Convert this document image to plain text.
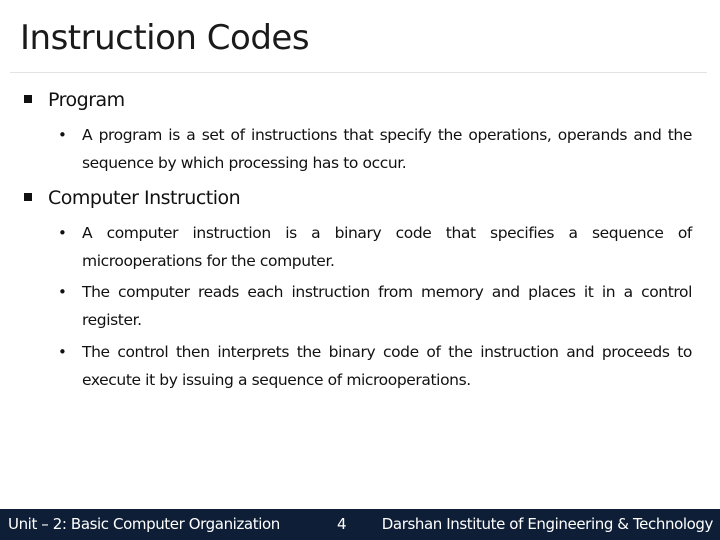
Instruction Codes
Program
• A program is a set of instructions that specify the operations, operands and the sequence by which processing has to occur.
Computer Instruction
• A computer instruction is a binary code that specifies a sequence of microoperations for the computer.
• The computer reads each instruction from memory and places it in a control register.
• The control then interprets the binary code of the instruction and proceeds to execute it by issuing a sequence of microoperations.
Unit – 2: Basic Computer Organization	4 Darshan Institute of Engineering & Technology
